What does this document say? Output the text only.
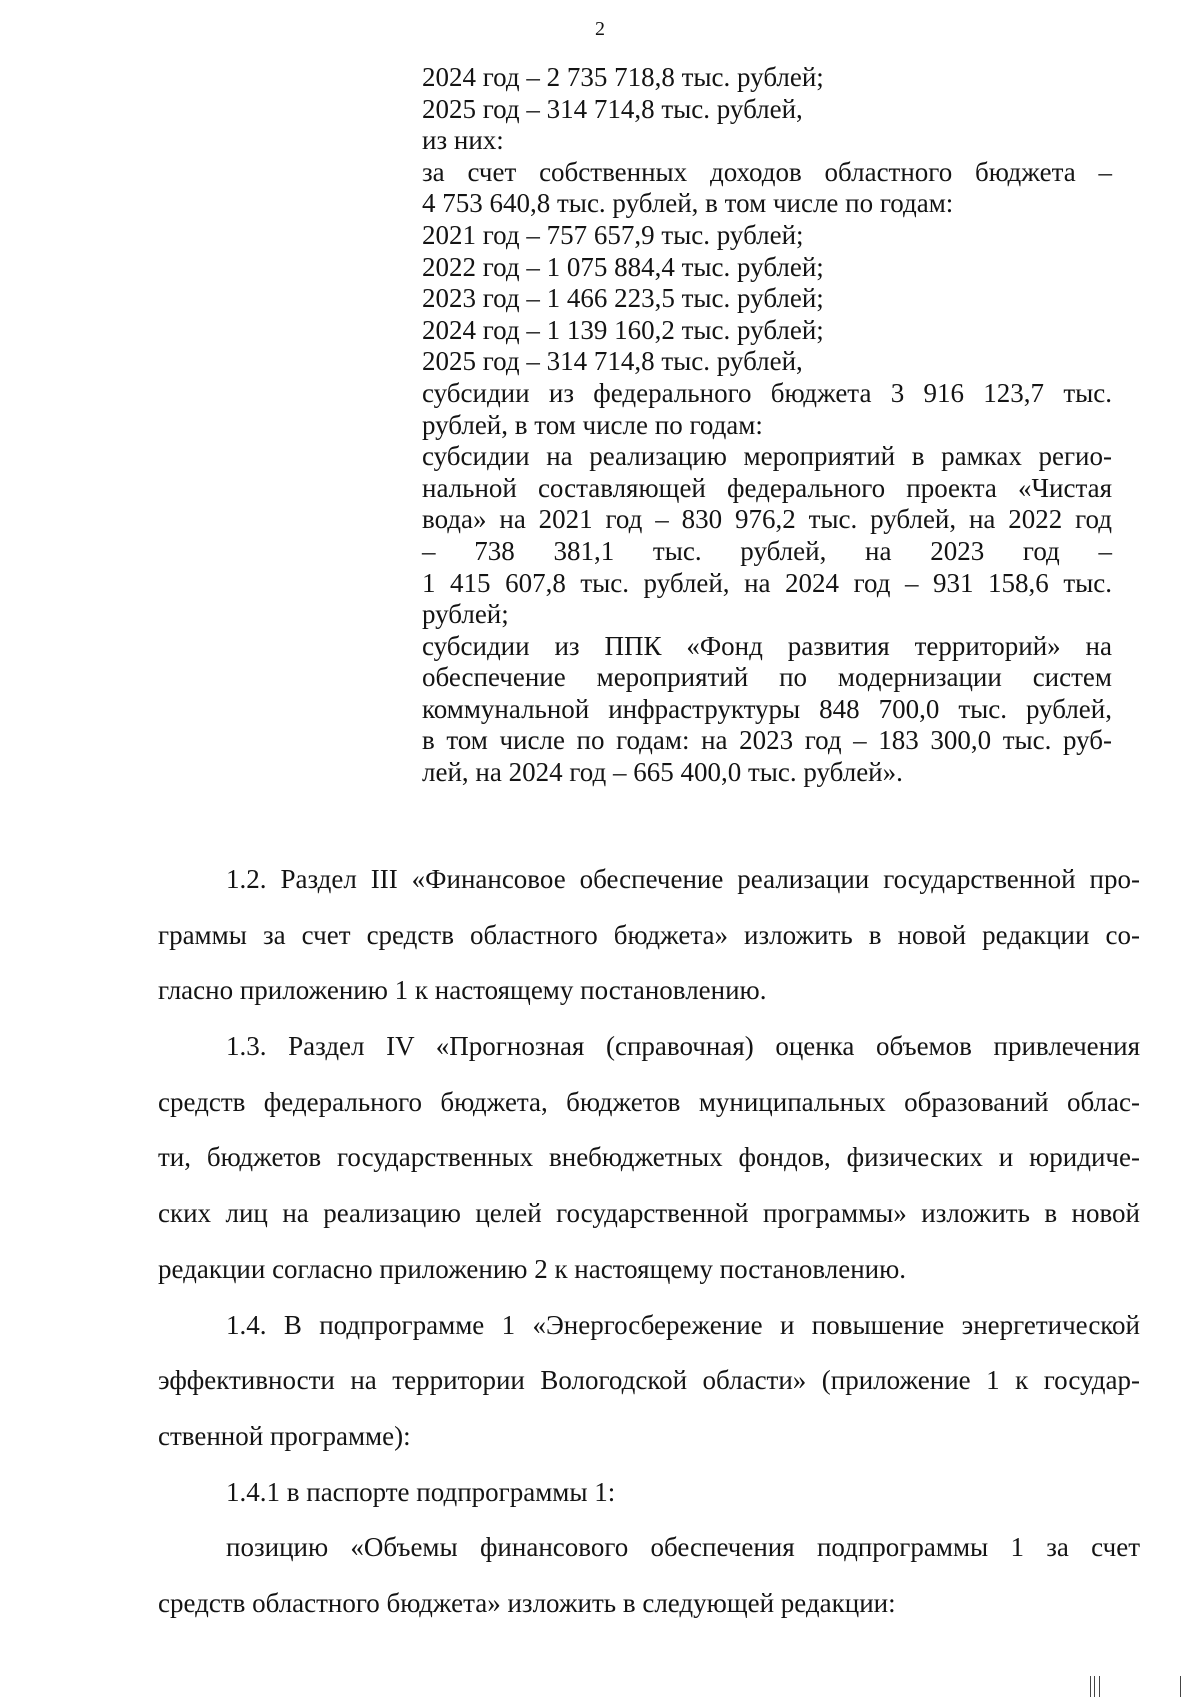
2
2024 год – 2 735 718,8 тыс. рублей;
2025 год – 314 714,8 тыс. рублей,
из них:
за счет собственных доходов областного бюджета –
4 753 640,8 тыс. рублей, в том числе по годам:
2021 год – 757 657,9 тыс. рублей;
2022 год – 1 075 884,4 тыс. рублей;
2023 год – 1 466 223,5 тыс. рублей;
2024 год – 1 139 160,2 тыс. рублей;
2025 год – 314 714,8 тыс. рублей,
субсидии из федерального бюджета 3 916 123,7 тыс.
рублей, в том числе по годам:
субсидии на реализацию мероприятий в рамках регио-
нальной составляющей федерального проекта «Чистая
вода» на 2021 год – 830 976,2 тыс. рублей, на 2022 год
– 738 381,1 тыс. рублей, на 2023 год –
1 415 607,8 тыс. рублей, на 2024 год – 931 158,6 тыс.
рублей;
субсидии из ППК «Фонд развития территорий» на
обеспечение мероприятий по модернизации систем
коммунальной инфраструктуры 848 700,0 тыс. рублей,
в том числе по годам: на 2023 год – 183 300,0 тыс. руб-
лей, на 2024 год – 665 400,0 тыс. рублей».
1.2. Раздел III «Финансовое обеспечение реализации государственной про-
граммы за счет средств областного бюджета» изложить в новой редакции со-
гласно приложению 1 к настоящему постановлению.
1.3. Раздел IV «Прогнозная (справочная) оценка объемов привлечения
средств федерального бюджета, бюджетов муниципальных образований облас-
ти, бюджетов государственных внебюджетных фондов, физических и юридиче-
ских лиц на реализацию целей государственной программы» изложить в новой
редакции согласно приложению 2 к настоящему постановлению.
1.4. В подпрограмме 1 «Энергосбережение и повышение энергетической
эффективности на территории Вологодской области» (приложение 1 к государ-
ственной программе):
1.4.1 в паспорте подпрограммы 1:
позицию «Объемы финансового обеспечения подпрограммы 1 за счет
средств областного бюджета» изложить в следующей редакции:
